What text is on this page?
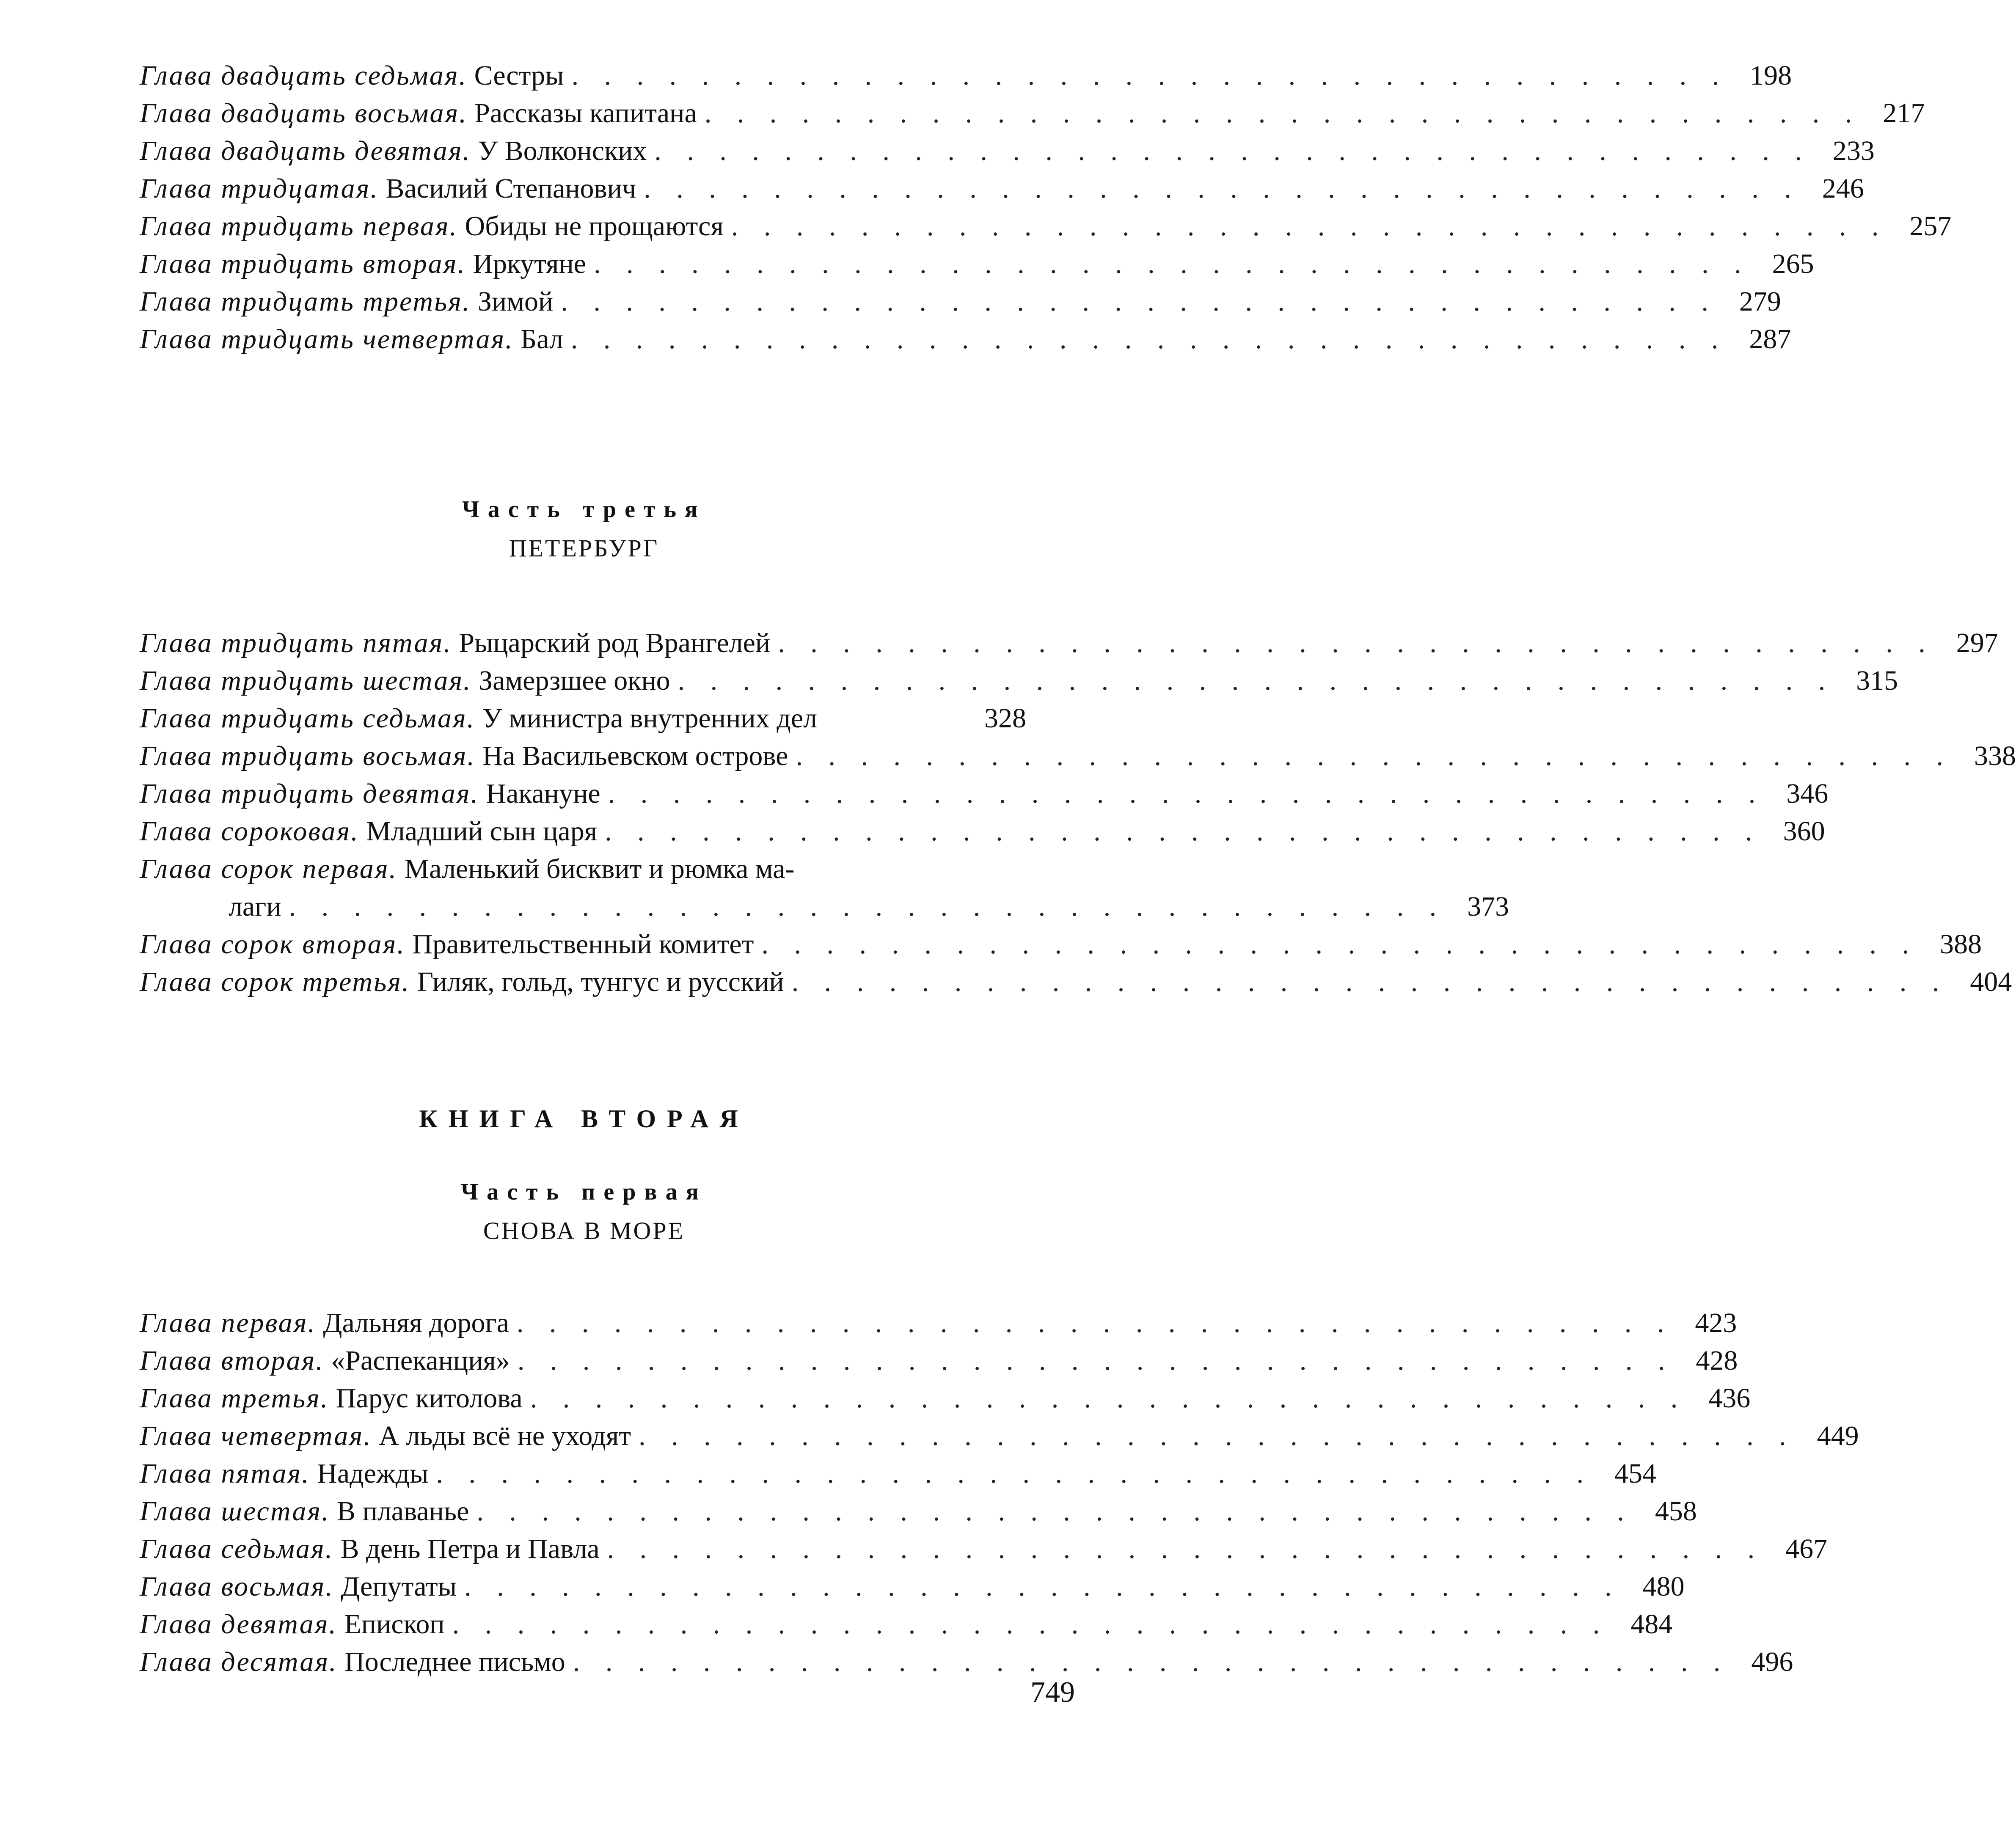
Глава двадцать седьмая. Сестры . . . . . . . . . . . . . . . . . . . . . . . . . . . . . . . . . . . . 198
Глава двадцать восьмая. Рассказы капитана . . . . . . . . . . . . . . . . . . . . . . . . . . . . . . . . . . . . 217
Глава двадцать девятая. У Волконских . . . . . . . . . . . . . . . . . . . . . . . . . . . . . . . . . . . . 233
Глава тридцатая. Василий Степанович . . . . . . . . . . . . . . . . . . . . . . . . . . . . . . . . . . . . 246
Глава тридцать первая. Обиды не прощаются . . . . . . . . . . . . . . . . . . . . . . . . . . . . . . . . . . . . 257
Глава тридцать вторая. Иркутяне . . . . . . . . . . . . . . . . . . . . . . . . . . . . . . . . . . . . 265
Глава тридцать третья. Зимой . . . . . . . . . . . . . . . . . . . . . . . . . . . . . . . . . . . . 279
Глава тридцать четвертая. Бал . . . . . . . . . . . . . . . . . . . . . . . . . . . . . . . . . . . . 287
Часть третья
ПЕТЕРБУРГ
Глава тридцать пятая. Рыцарский род Врангелей . . . . . . . . . . . . . . . . . . . . . . . . . . . . . . . . . . . . 297
Глава тридцать шестая. Замерзшее окно . . . . . . . . . . . . . . . . . . . . . . . . . . . . . . . . . . . . 315
Глава тридцать седьмая. У министра внутренних дел	328
Глава тридцать восьмая. На Васильевском острове . . . . . . . . . . . . . . . . . . . . . . . . . . . . . . . . . . . . 338
Глава тридцать девятая. Накануне . . . . . . . . . . . . . . . . . . . . . . . . . . . . . . . . . . . . 346
Глава сороковая. Младший сын царя . . . . . . . . . . . . . . . . . . . . . . . . . . . . . . . . . . . . 360
Глава сорок первая. Маленький бисквит и рюмка ма-
лаги . . . . . . . . . . . . . . . . . . . . . . . . . . . . . . . . . . . . 373
Глава сорок вторая. Правительственный комитет . . . . . . . . . . . . . . . . . . . . . . . . . . . . . . . . . . . . 388
Глава сорок третья. Гиляк, гольд, тунгус и русский . . . . . . . . . . . . . . . . . . . . . . . . . . . . . . . . . . . . 404
КНИГА ВТОРАЯ
Часть первая
СНОВА В МОРЕ
Глава первая. Дальняя дорога . . . . . . . . . . . . . . . . . . . . . . . . . . . . . . . . . . . . 423
Глава вторая. «Распеканция» . . . . . . . . . . . . . . . . . . . . . . . . . . . . . . . . . . . . 428
Глава третья. Парус китолова . . . . . . . . . . . . . . . . . . . . . . . . . . . . . . . . . . . . 436
Глава четвертая. А льды всё не уходят . . . . . . . . . . . . . . . . . . . . . . . . . . . . . . . . . . . . 449
Глава пятая. Надежды . . . . . . . . . . . . . . . . . . . . . . . . . . . . . . . . . . . . 454
Глава шестая. В плаванье . . . . . . . . . . . . . . . . . . . . . . . . . . . . . . . . . . . . 458
Глава седьмая. В день Петра и Павла . . . . . . . . . . . . . . . . . . . . . . . . . . . . . . . . . . . . 467
Глава восьмая. Депутаты . . . . . . . . . . . . . . . . . . . . . . . . . . . . . . . . . . . . 480
Глава девятая. Епископ . . . . . . . . . . . . . . . . . . . . . . . . . . . . . . . . . . . . 484
Глава десятая. Последнее письмо . . . . . . . . . . . . . . . . . . . . . . . . . . . . . . . . . . . . 496
749
